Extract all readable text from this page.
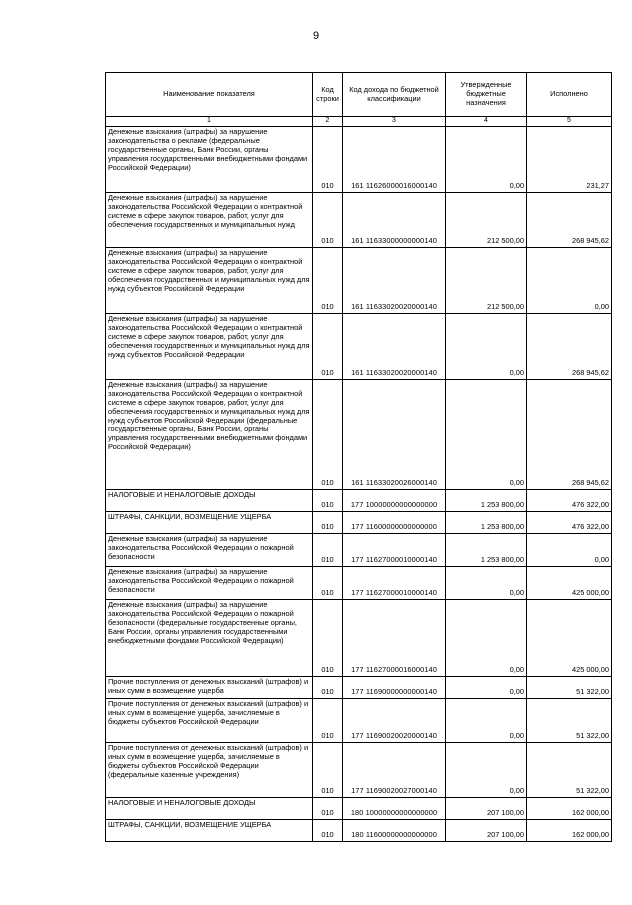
9
Наименование показателя	Код строки	Код дохода по бюджетной классификации	Утвержденные бюджетные назначения	Исполнено
1	2	3	4	5
Денежные взыскания (штрафы) за нарушение законодательства о рекламе (федеральные государственные органы, Банк России, органы управления государственными внебюджетными фондами Российской Федерации)	010	161 11626000016000140	0,00	231,27
Денежные взыскания (штрафы) за нарушение законодательства Российской Федерации о контрактной системе в сфере закупок товаров, работ, услуг для обеспечения государственных и муниципальных нужд	010	161 11633000000000140	212 500,00	268 945,62
Денежные взыскания (штрафы) за нарушение законодательства Российской Федерации о контрактной системе в сфере закупок товаров, работ, услуг для обеспечения государственных и муниципальных нужд для нужд субъектов Российской Федерации	010	161 11633020020000140	212 500,00	0,00
Денежные взыскания (штрафы) за нарушение законодательства Российской Федерации о контрактной системе в сфере закупок товаров, работ, услуг для обеспечения государственных и муниципальных нужд для нужд субъектов Российской Федерации	010	161 11633020020000140	0,00	268 945,62
Денежные взыскания (штрафы) за нарушение законодательства Российской Федерации о контрактной системе в сфере закупок товаров, работ, услуг для обеспечения государственных и муниципальных нужд для нужд субъектов Российской Федерации (федеральные государственные органы, Банк России, органы управления государственными внебюджетными фондами Российской Федерации)	010	161 11633020026000140	0,00	268 945,62
НАЛОГОВЫЕ И НЕНАЛОГОВЫЕ ДОХОДЫ	010	177 10000000000000000	1 253 800,00	476 322,00
ШТРАФЫ, САНКЦИИ, ВОЗМЕЩЕНИЕ УЩЕРБА	010	177 11600000000000000	1 253 800,00	476 322,00
Денежные взыскания (штрафы) за нарушение законодательства Российской Федерации о пожарной безопасности	010	177 11627000010000140	1 253 800,00	0,00
Денежные взыскания (штрафы) за нарушение законодательства Российской Федерации о пожарной безопасности	010	177 11627000010000140	0,00	425 000,00
Денежные взыскания (штрафы) за нарушение законодательства Российской Федерации о пожарной безопасности (федеральные государственные органы, Банк России, органы управления государственными внебюджетными фондами Российской Федерации)	010	177 11627000016000140	0,00	425 000,00
Прочие поступления от денежных взысканий (штрафов) и иных сумм в возмещение ущерба	010	177 11690000000000140	0,00	51 322,00
Прочие поступления от денежных взысканий (штрафов) и иных сумм в возмещение ущерба, зачисляемые в бюджеты субъектов Российской Федерации	010	177 11690020020000140	0,00	51 322,00
Прочие поступления от денежных взысканий (штрафов) и иных сумм в возмещение ущерба, зачисляемые в бюджеты субъектов Российской Федерации (федеральные казенные учреждения)	010	177 11690020027000140	0,00	51 322,00
НАЛОГОВЫЕ И НЕНАЛОГОВЫЕ ДОХОДЫ	010	180 10000000000000000	207 100,00	162 000,00
ШТРАФЫ, САНКЦИИ, ВОЗМЕЩЕНИЕ УЩЕРБА	010	180 11600000000000000	207 100,00	162 000,00
